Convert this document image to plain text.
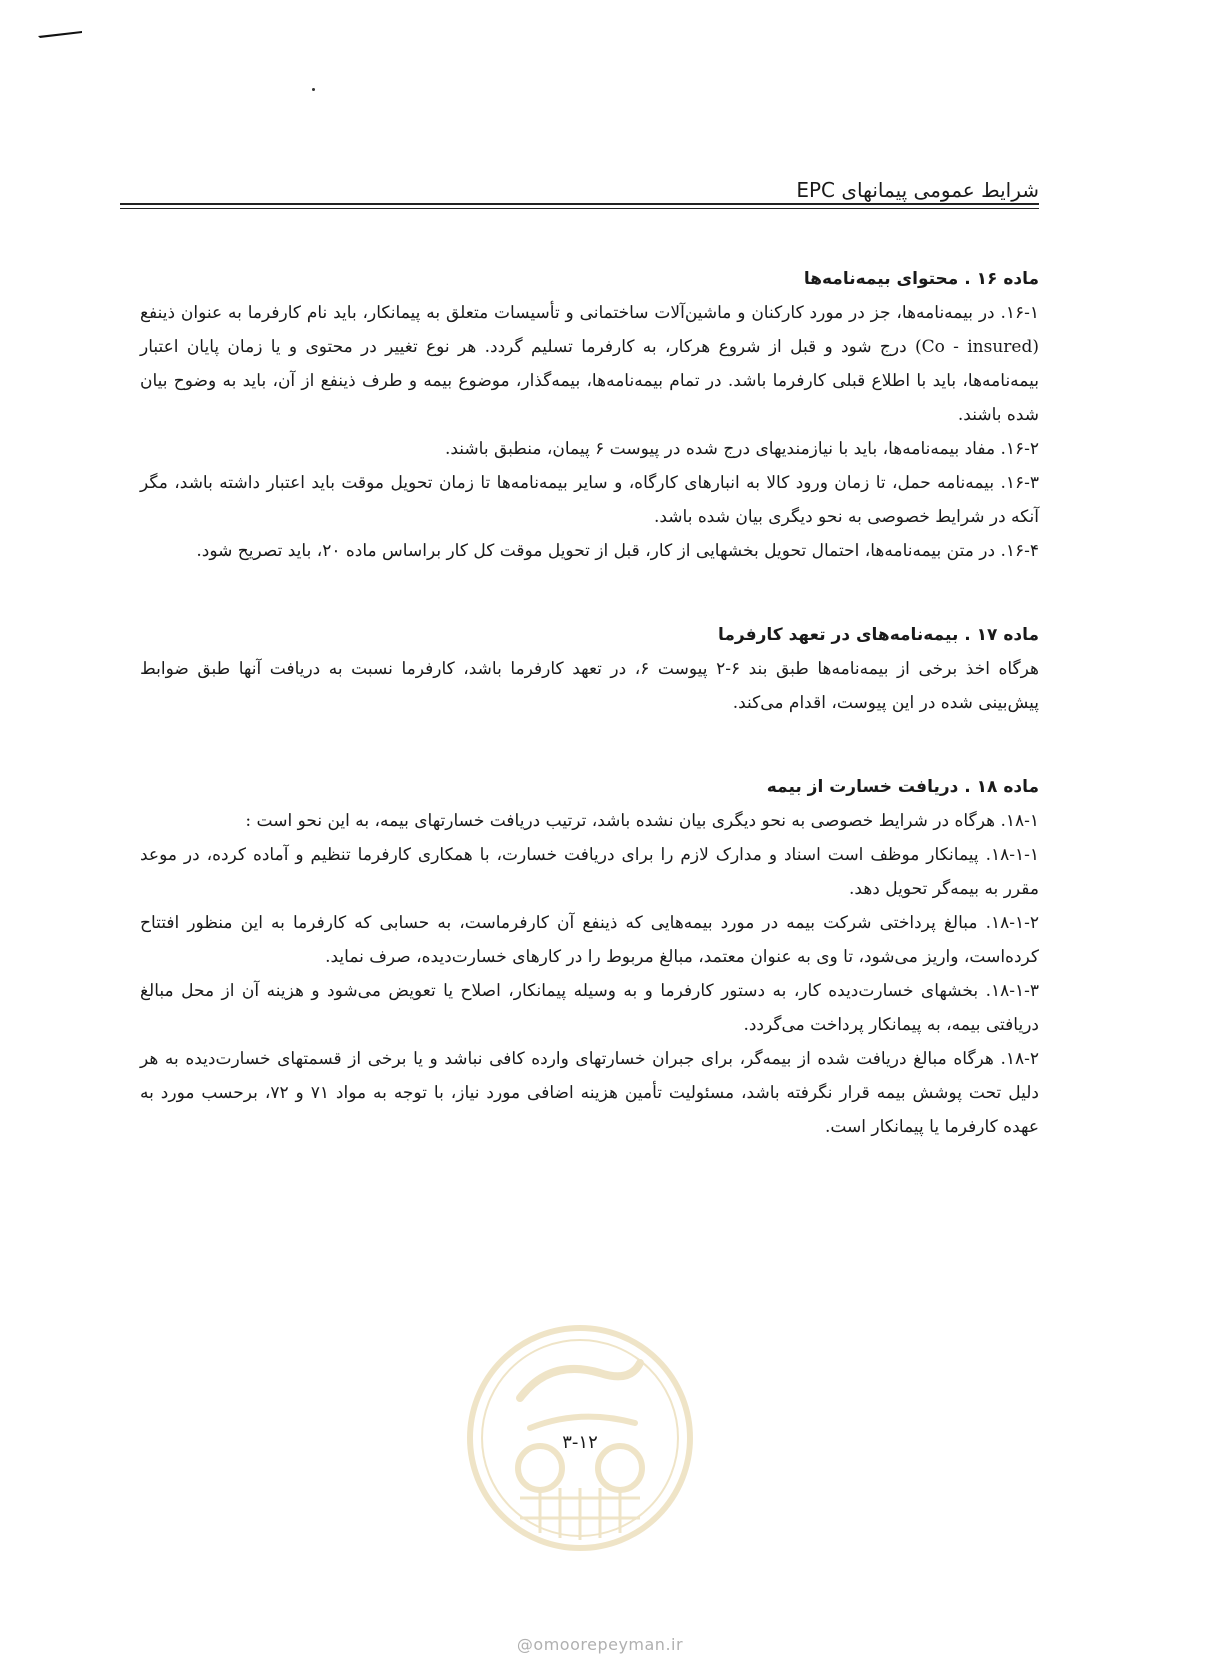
شرایط عمومی پیمانهای EPC

ماده ۱۶ . محتوای بیمه‌نامه‌ها

۱۶-۱. در بیمه‌نامه‌ها، جز در مورد کارکنان و ماشین‌آلات ساختمانی و تأسیسات متعلق به پیمانکار، باید نام کارفرما به عنوان ذینفع (Co - insured) درج شود و قبل از شروع هرکار، به کارفرما تسلیم گردد. هر نوع تغییر در محتوی و یا زمان پایان اعتبار بیمه‌نامه‌ها، باید با اطلاع قبلی کارفرما باشد. در تمام بیمه‌نامه‌ها، بیمه‌گذار، موضوع بیمه و طرف ذینفع از آن، باید به وضوح بیان شده باشند.

۱۶-۲. مفاد بیمه‌نامه‌ها، باید با نیازمندیهای درج شده در پیوست ۶ پیمان، منطبق باشند.

۱۶-۳. بیمه‌نامه حمل، تا زمان ورود کالا به انبارهای کارگاه، و سایر بیمه‌نامه‌ها تا زمان تحویل موقت باید اعتبار داشته باشد، مگر آنکه در شرایط خصوصی به نحو دیگری بیان شده باشد.

۱۶-۴. در متن بیمه‌نامه‌ها، احتمال تحویل بخشهایی از کار، قبل از تحویل موقت کل کار براساس ماده ۲۰، باید تصریح شود.

ماده ۱۷ . بیمه‌نامه‌های در تعهد کارفرما

هرگاه اخذ برخی از بیمه‌نامه‌ها طبق بند ۶-۲ پیوست ۶، در تعهد کارفرما باشد، کارفرما نسبت به دریافت آنها طبق ضوابط پیش‌بینی شده در این پیوست، اقدام می‌کند.

ماده ۱۸ . دریافت خسارت از بیمه

۱۸-۱. هرگاه در شرایط خصوصی به نحو دیگری بیان نشده باشد، ترتیب دریافت خسارتهای بیمه، به این نحو است :

۱۸-۱-۱. پیمانکار موظف است اسناد و مدارک لازم را برای دریافت خسارت، با همکاری کارفرما تنظیم و آماده کرده، در موعد مقرر به بیمه‌گر تحویل دهد.

۱۸-۱-۲. مبالغ پرداختی شرکت بیمه در مورد بیمه‌هایی که ذینفع آن کارفرماست، به حسابی که کارفرما به این منظور افتتاح کرده‌است، واریز می‌شود، تا وی به عنوان معتمد، مبالغ مربوط را در کارهای خسارت‌دیده، صرف نماید.

۱۸-۱-۳. بخشهای خسارت‌دیده کار، به دستور کارفرما و به وسیله پیمانکار، اصلاح یا تعویض می‌شود و هزینه آن از محل مبالغ دریافتی بیمه، به پیمانکار پرداخت می‌گردد.

۱۸-۲. هرگاه مبالغ دریافت شده از بیمه‌گر، برای جبران خسارتهای وارده کافی نباشد و یا برخی از قسمتهای خسارت‌دیده به هر دلیل تحت پوشش بیمه قرار نگرفته باشد، مسئولیت تأمین هزینه اضافی مورد نیاز، با توجه به مواد ۷۱ و ۷۲، برحسب مورد به عهده کارفرما یا پیمانکار است.

۳-۱۲
@omoorepeyman.ir
